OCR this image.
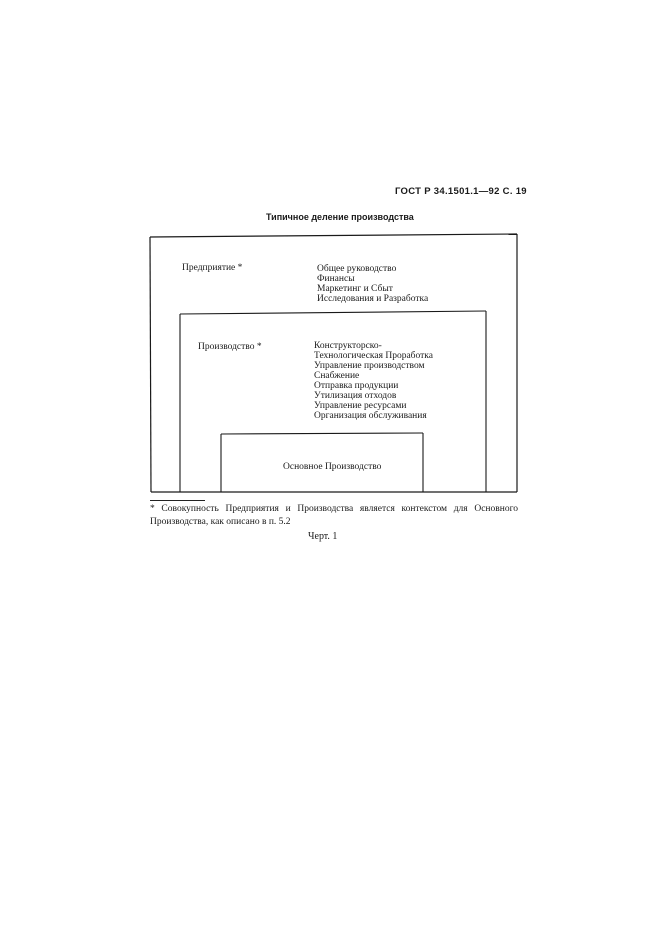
ГОСТ Р 34.1501.1—92 С. 19
Типичное деление производства
Предприятие *	Общее руководство
Финансы
Маркетинг и Сбыт
Исследования и Разработка
Производство *	Конструкторско-
Технологическая Проработка
Управление производством
Снабжение
Отправка продукции
Утилизация отходов
Управление ресурсами
Организация обслуживания
Основное Производство
* Совокупность Предприятия и Производства является контекстом для Основного Производства, как описано в п. 5.2
Черт. 1
